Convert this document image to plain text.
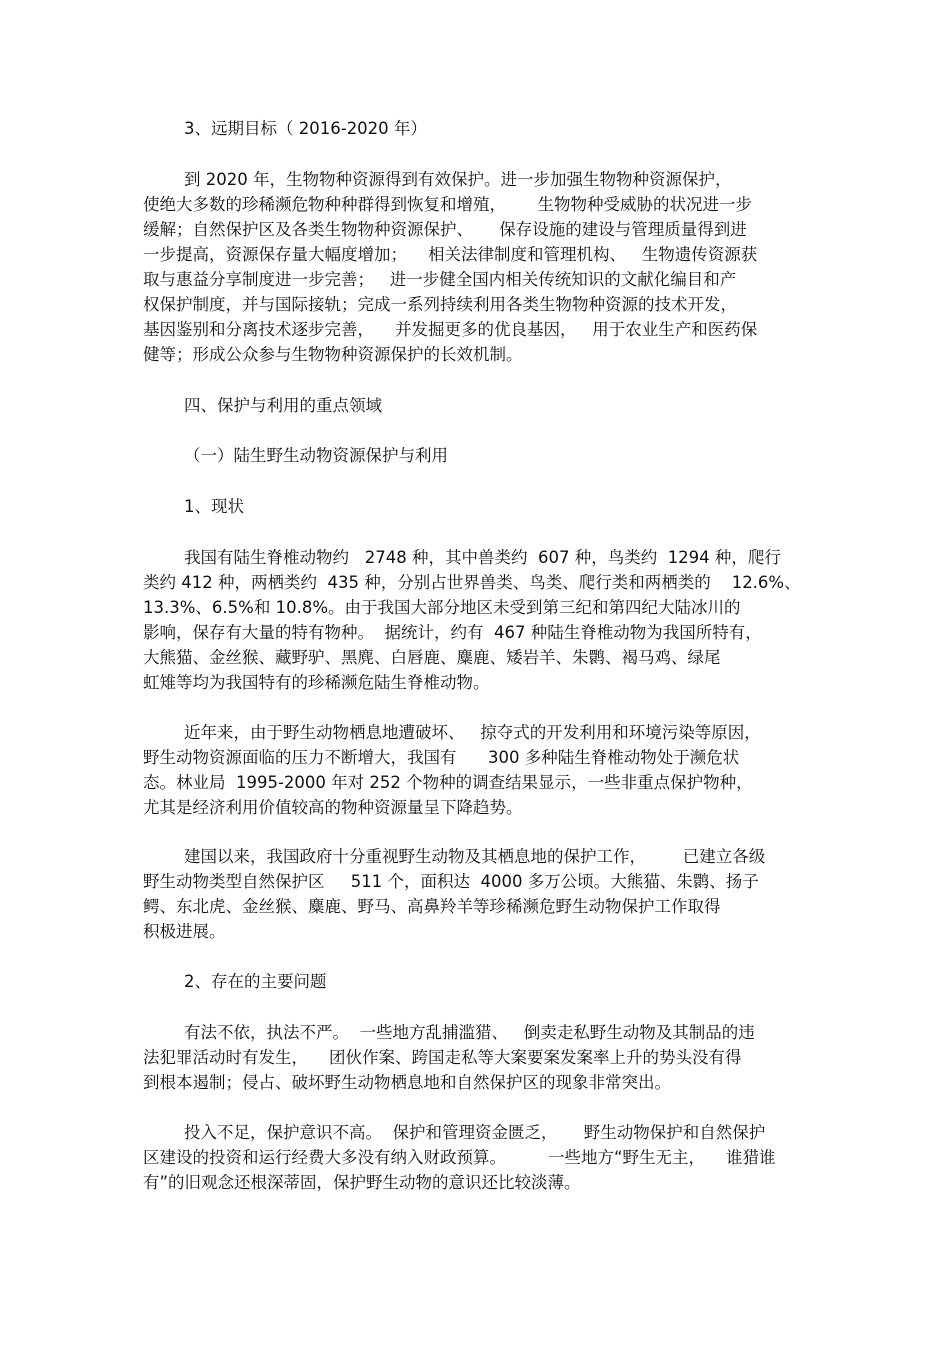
3、远期目标（ 2016-2020 年）
到 2020 年，生物物种资源得到有效保护。进一步加强生物物种资源保护，
使绝大多数的珍稀濒危物种种群得到恢复和增殖，      生物物种受威胁的状况进一步
缓解；自然保护区及各类生物物种资源保护、     保存设施的建设与管理质量得到进
一步提高，资源保存量大幅度增加；    相关法律制度和管理机构、   生物遗传资源获
取与惠益分享制度进一步完善；   进一步健全国内相关传统知识的文献化编目和产
权保护制度，并与国际接轨；完成一系列持续利用各类生物物种资源的技术开发，
基因鉴别和分离技术逐步完善，    并发掘更多的优良基因，   用于农业生产和医药保
健等；形成公众参与生物物种资源保护的长效机制。
四、保护与利用的重点领域
（一）陆生野生动物资源保护与利用
1、现状
我国有陆生脊椎动物约   2748 种，其中兽类约  607 种，鸟类约  1294 种，爬行
类约 412 种，两栖类约  435 种，分别占世界兽类、鸟类、爬行类和两栖类的    12.6%、
13.3%、6.5%和 10.8%。由于我国大部分地区未受到第三纪和第四纪大陆冰川的
影响，保存有大量的特有物种。  据统计，约有  467 种陆生脊椎动物为我国所特有，
大熊猫、金丝猴、藏野驴、黑麂、白唇鹿、麋鹿、矮岩羊、朱鹮、褐马鸡、绿尾
虹雉等均为我国特有的珍稀濒危陆生脊椎动物。
近年来，由于野生动物栖息地遭破坏、   掠夺式的开发利用和环境污染等原因，
野生动物资源面临的压力不断增大，我国有      300 多种陆生脊椎动物处于濒危状
态。林业局  1995-2000 年对 252 个物种的调查结果显示，一些非重点保护物种，
尤其是经济利用价值较高的物种资源量呈下降趋势。
建国以来，我国政府十分重视野生动物及其栖息地的保护工作，       已建立各级
野生动物类型自然保护区     511 个，面积达  4000 多万公顷。大熊猫、朱鹮、扬子
鳄、东北虎、金丝猴、麋鹿、野马、高鼻羚羊等珍稀濒危野生动物保护工作取得
积极进展。
2、存在的主要问题
有法不依，执法不严。  一些地方乱捕滥猎、   倒卖走私野生动物及其制品的违
法犯罪活动时有发生，    团伙作案、跨国走私等大案要案发案率上升的势头没有得
到根本遏制；侵占、破坏野生动物栖息地和自然保护区的现象非常突出。
投入不足，保护意识不高。  保护和管理资金匮乏，     野生动物保护和自然保护
区建设的投资和运行经费大多没有纳入财政预算。        一些地方“野生无主，    谁猎谁
有”的旧观念还根深蒂固，保护野生动物的意识还比较淡薄。
